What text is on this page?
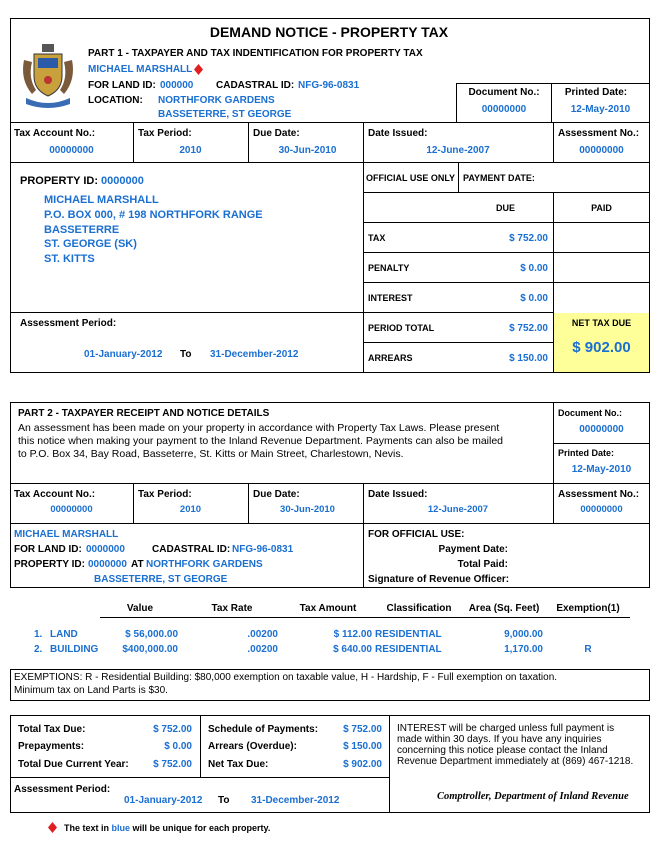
DEMAND NOTICE - PROPERTY TAX
PART 1 - TAXPAYER AND TAX INDENTIFICATION FOR PROPERTY TAX
MICHAEL MARSHALL
FOR LAND ID: 000000 CADASTRAL ID: NFG-96-0831
LOCATION: NORTHFORK GARDENS
BASSETERRE, ST GEORGE
Document No.:
00000000
Printed Date:
12-May-2010
Tax Account No.:
00000000
Tax Period:
2010
Due Date:
30-Jun-2010
Date Issued:
12-June-2007
Assessment No.:
00000000
PROPERTY ID: 0000000
MICHAEL MARSHALL
P.O. BOX 000, # 198 NORTHFORK RANGE
BASSETERRE
ST. GEORGE (SK)
ST. KITTS
Assessment Period:
01-January-2012 To 31-December-2012
OFFICIAL USE ONLY PAYMENT DATE:
DUE	PAID
TAX	$ 752.00
PENALTY	$ 0.00
INTEREST	$ 0.00
PERIOD TOTAL	$ 752.00
ARREARS	$ 150.00
NET TAX DUE
$ 902.00
PART 2 - TAXPAYER RECEIPT AND NOTICE DETAILS
An assessment has been made on your property in accordance with Property Tax Laws. Please present
this notice when making your payment to the Inland Revenue Department. Payments can also be mailed
to P.O. Box 34, Bay Road, Basseterre, St. Kitts or Main Street, Charlestown, Nevis.
Document No.:
00000000
Printed Date:
12-May-2010
Tax Account No.:
00000000
Tax Period:
2010
Due Date:
30-Jun-2010
Date Issued:
12-June-2007
Assessment No.:
00000000
MICHAEL MARSHALL
FOR LAND ID: 0000000	CADASTRAL ID: NFG-96-0831
PROPERTY ID: 0000000 AT NORTHFORK GARDENS
BASSETERRE, ST GEORGE
FOR OFFICIAL USE:
Payment Date:
Total Paid:
Signature of Revenue Officer:
Value	Tax Rate	Tax Amount	Classification	Area (Sq. Feet)	Exemption(1)
1. LAND	$ 56,000.00	.00200	$ 112.00 RESIDENTIAL	9,000.00
2. BUILDING	$400,000.00	.00200	$ 640.00 RESIDENTIAL	1,170.00	R
EXEMPTIONS: R - Residential Building: $80,000 exemption on taxable value, H - Hardship, F - Full exemption on taxation.
Minimum tax on Land Parts is $30.
Total Tax Due:	$ 752.00
Prepayments:	$ 0.00
Total Due Current Year:	$ 752.00
Schedule of Payments:	$ 752.00
Arrears (Overdue):	$ 150.00
Net Tax Due:	$ 902.00
INTEREST will be charged unless full payment is
made within 30 days. If you have any inquiries
concerning this notice please contact the Inland
Revenue Department immediately at (869) 467-1218.
Assessment Period:
01-January-2012 To 31-December-2012	Comptroller, Department of Inland Revenue
The text in blue will be unique for each property.
